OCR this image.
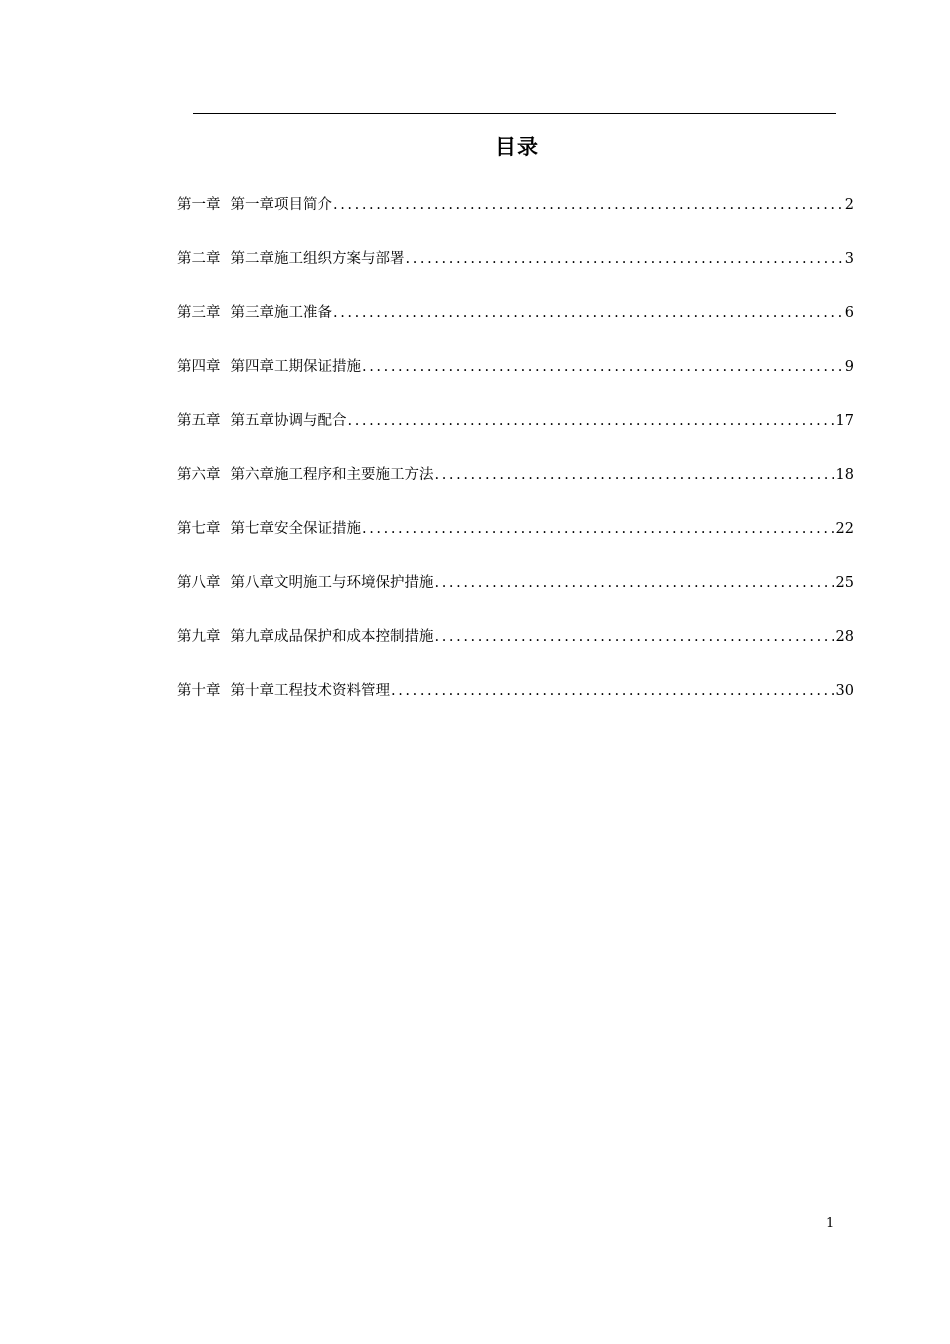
目录
第一章 第一章项目简介 .....	2
第二章 第二章施工组织方案与部署 .....	3
第三章 第三章施工准备 .....	6
第四章 第四章工期保证措施 .....	9
第五章 第五章协调与配合 .....	17
第六章 第六章施工程序和主要施工方法 .....	18
第七章 第七章安全保证措施 .....	22
第八章 第八章文明施工与环境保护措施 .....	25
第九章 第九章成品保护和成本控制措施 .....	28
第十章 第十章工程技术资料管理 .....	30
1
